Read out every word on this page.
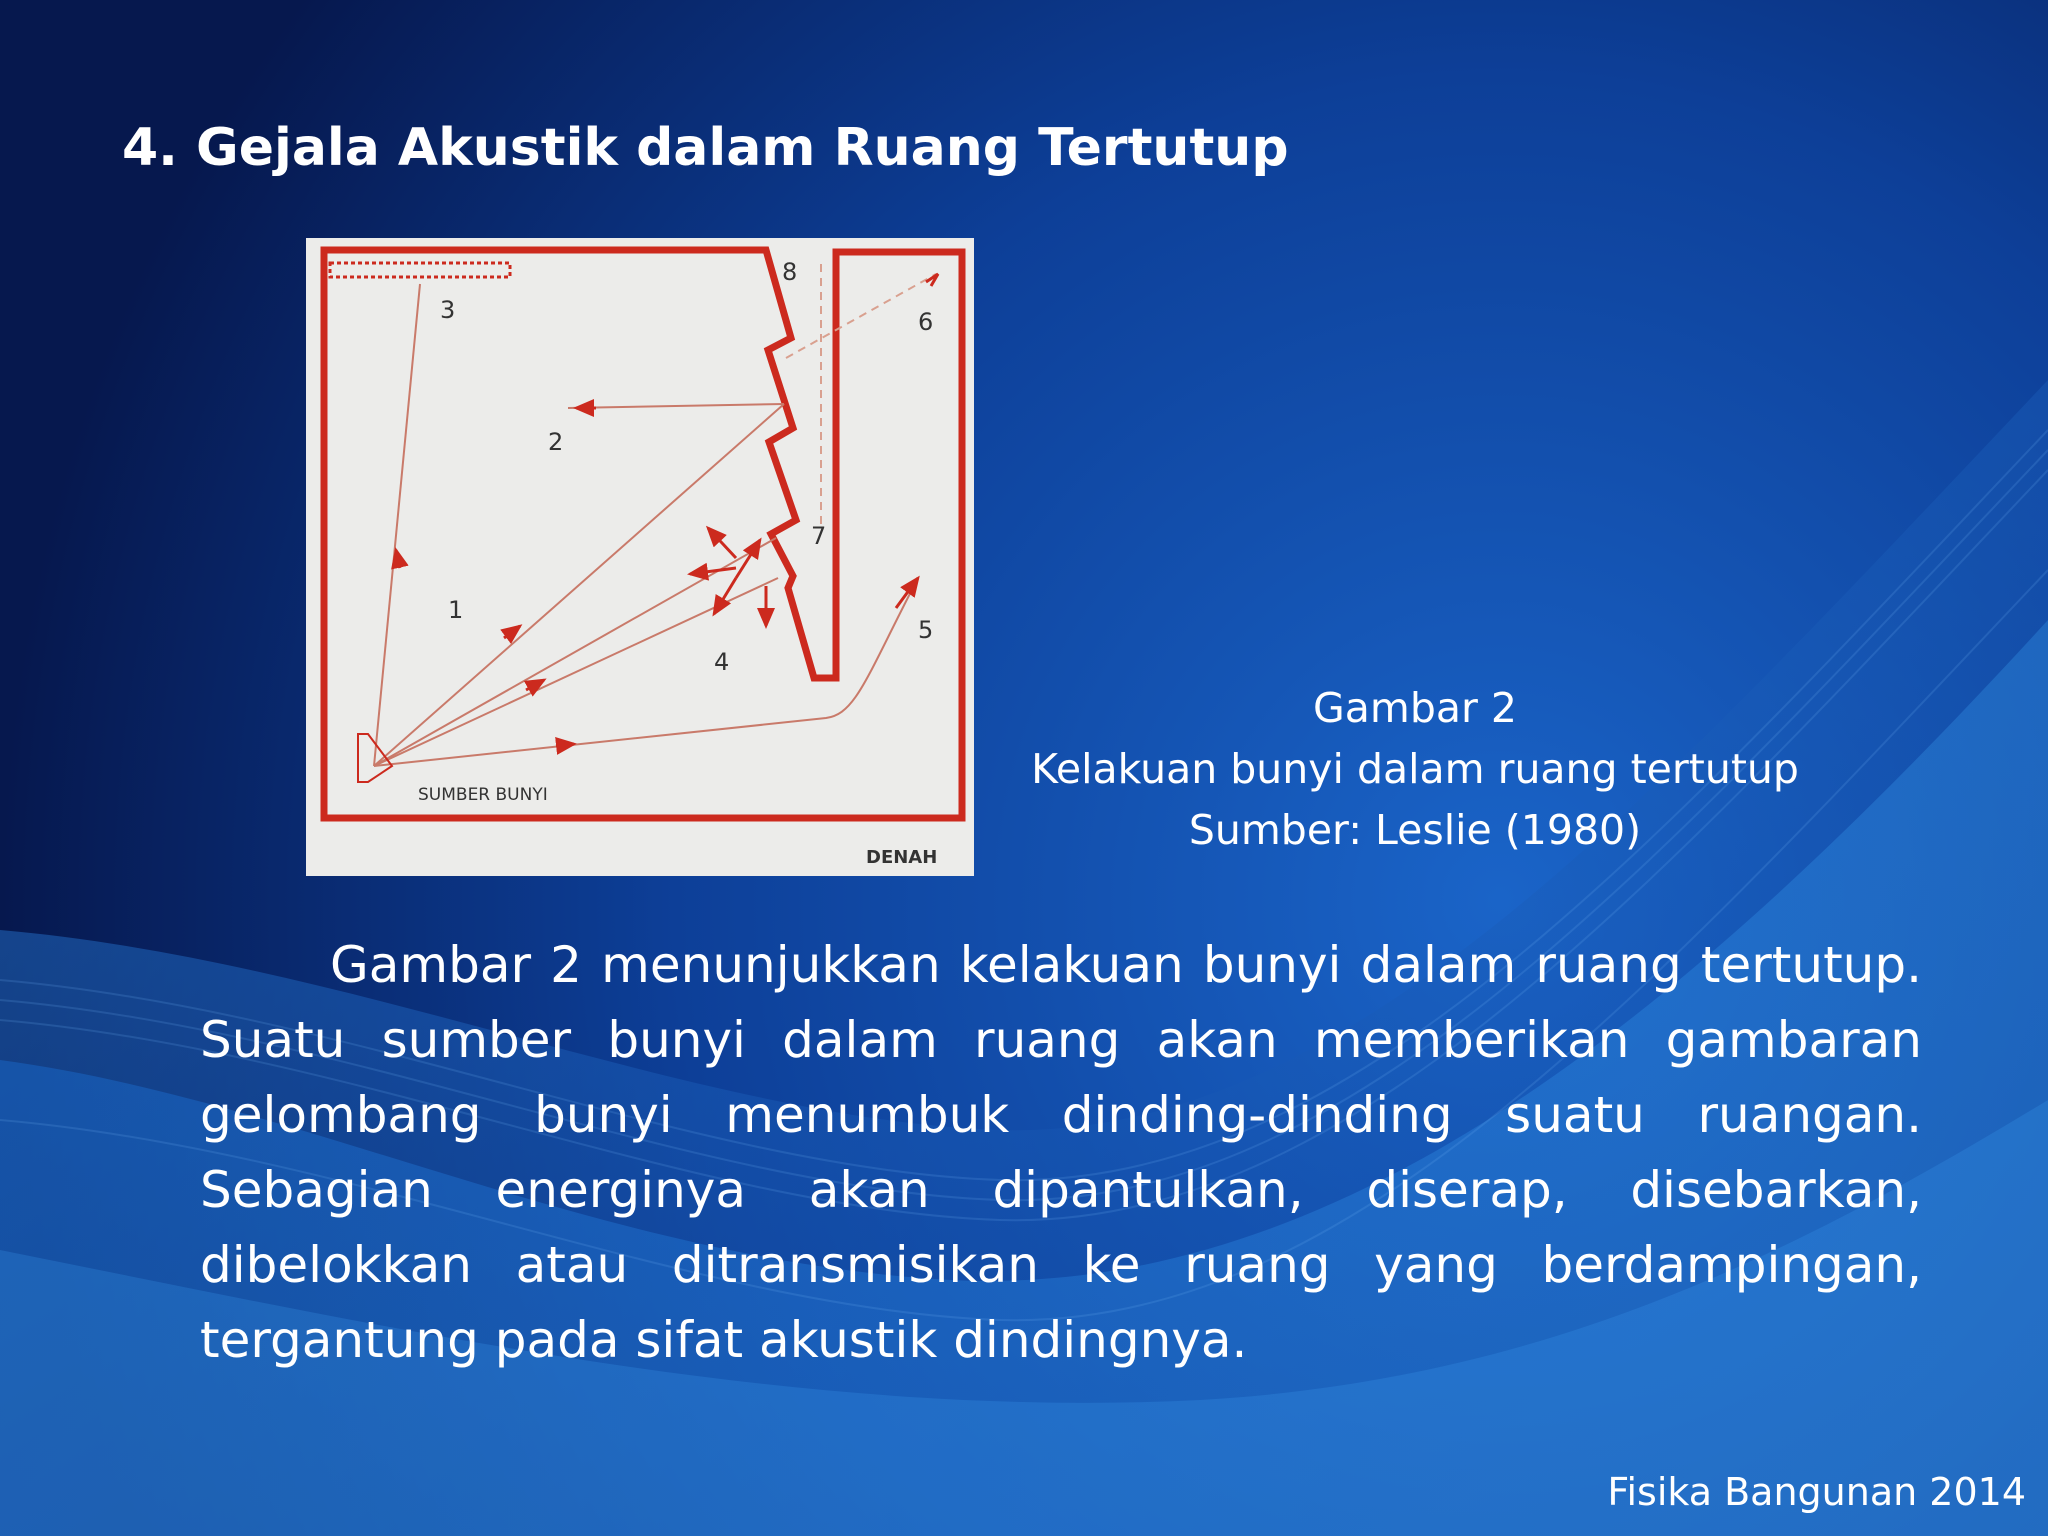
4. Gejala Akustik dalam Ruang Tertutup
3
2
1
4
5
6
7
8
SUMBER BUNYI
DENAH
Gambar 2
Kelakuan bunyi dalam ruang tertutup
Sumber: Leslie (1980)
Gambar 2 menunjukkan kelakuan bunyi dalam ruang tertutup. Suatu sumber bunyi dalam ruang akan memberikan gambaran gelombang bunyi menumbuk dinding-dinding suatu ruangan. Sebagian energinya akan dipantulkan, diserap, disebarkan, dibelokkan atau ditransmisikan ke ruang yang berdampingan, tergantung pada sifat akustik dindingnya.
Fisika Bangunan 2014
